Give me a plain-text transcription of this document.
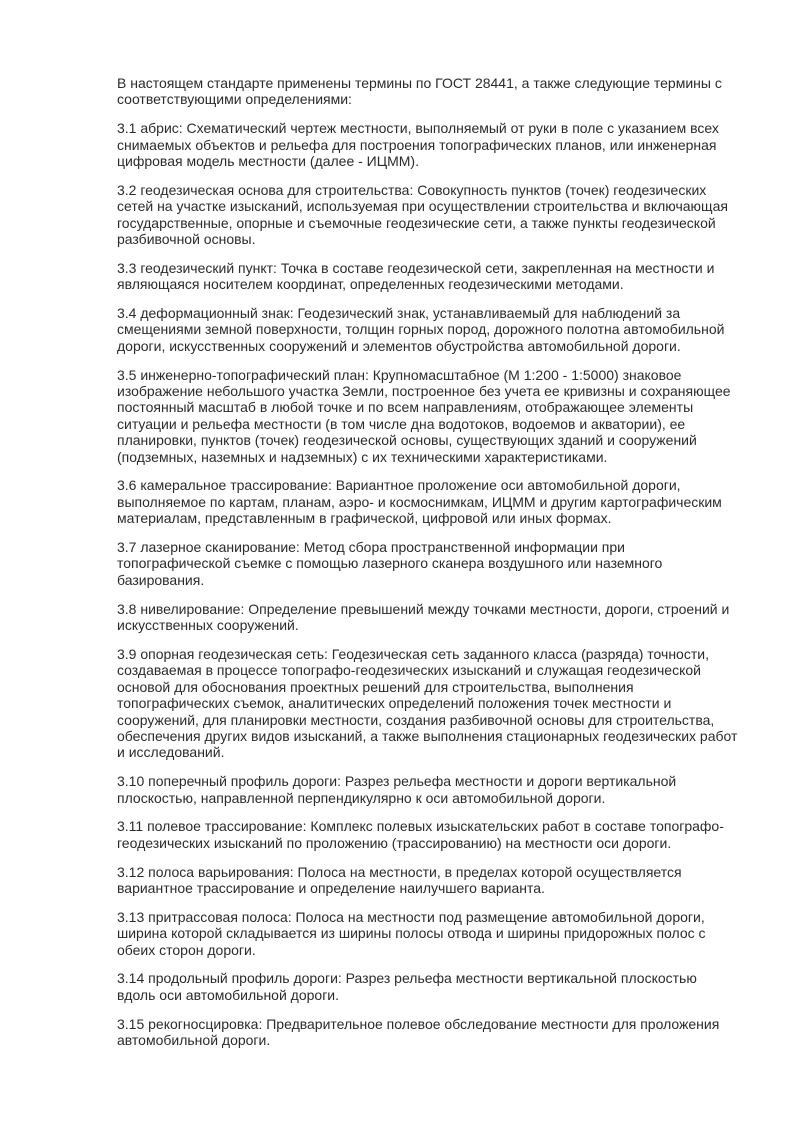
В настоящем стандарте применены термины по ГОСТ 28441, а также следующие термины с соответствующими определениями:

3.1 абрис: Схематический чертеж местности, выполняемый от руки в поле с указанием всех снимаемых объектов и рельефа для построения топографических планов, или инженерная цифровая модель местности (далее - ИЦММ).

3.2 геодезическая основа для строительства: Совокупность пунктов (точек) геодезических сетей на участке изысканий, используемая при осуществлении строительства и включающая государственные, опорные и съемочные геодезические сети, а также пункты геодезической разбивочной основы.

3.3 геодезический пункт: Точка в составе геодезической сети, закрепленная на местности и являющаяся носителем координат, определенных геодезическими методами.

3.4 деформационный знак: Геодезический знак, устанавливаемый для наблюдений за смещениями земной поверхности, толщин горных пород, дорожного полотна автомобильной дороги, искусственных сооружений и элементов обустройства автомобильной дороги.

3.5 инженерно-топографический план: Крупномасштабное (М 1:200 - 1:5000) знаковое изображение небольшого участка Земли, построенное без учета ее кривизны и сохраняющее постоянный масштаб в любой точке и по всем направлениям, отображающее элементы ситуации и рельефа местности (в том числе дна водотоков, водоемов и акватории), ее планировки, пунктов (точек) геодезической основы, существующих зданий и сооружений (подземных, наземных и надземных) с их техническими характеристиками.

3.6 камеральное трассирование: Вариантное проложение оси автомобильной дороги, выполняемое по картам, планам, аэро- и космоснимкам, ИЦММ и другим картографическим материалам, представленным в графической, цифровой или иных формах.

3.7 лазерное сканирование: Метод сбора пространственной информации при топографической съемке с помощью лазерного сканера воздушного или наземного базирования.

3.8 нивелирование: Определение превышений между точками местности, дороги, строений и искусственных сооружений.

3.9 опорная геодезическая сеть: Геодезическая сеть заданного класса (разряда) точности, создаваемая в процессе топографо-геодезических изысканий и служащая геодезической основой для обоснования проектных решений для строительства, выполнения топографических съемок, аналитических определений положения точек местности и сооружений, для планировки местности, создания разбивочной основы для строительства, обеспечения других видов изысканий, а также выполнения стационарных геодезических работ и исследований.

3.10 поперечный профиль дороги: Разрез рельефа местности и дороги вертикальной плоскостью, направленной перпендикулярно к оси автомобильной дороги.

3.11 полевое трассирование: Комплекс полевых изыскательских работ в составе топографо-геодезических изысканий по проложению (трассированию) на местности оси дороги.

3.12 полоса варьирования: Полоса на местности, в пределах которой осуществляется вариантное трассирование и определение наилучшего варианта.

3.13 притрассовая полоса: Полоса на местности под размещение автомобильной дороги, ширина которой складывается из ширины полосы отвода и ширины придорожных полос с обеих сторон дороги.

3.14 продольный профиль дороги: Разрез рельефа местности вертикальной плоскостью вдоль оси автомобильной дороги.

3.15 рекогносцировка: Предварительное полевое обследование местности для проложения автомобильной дороги.
